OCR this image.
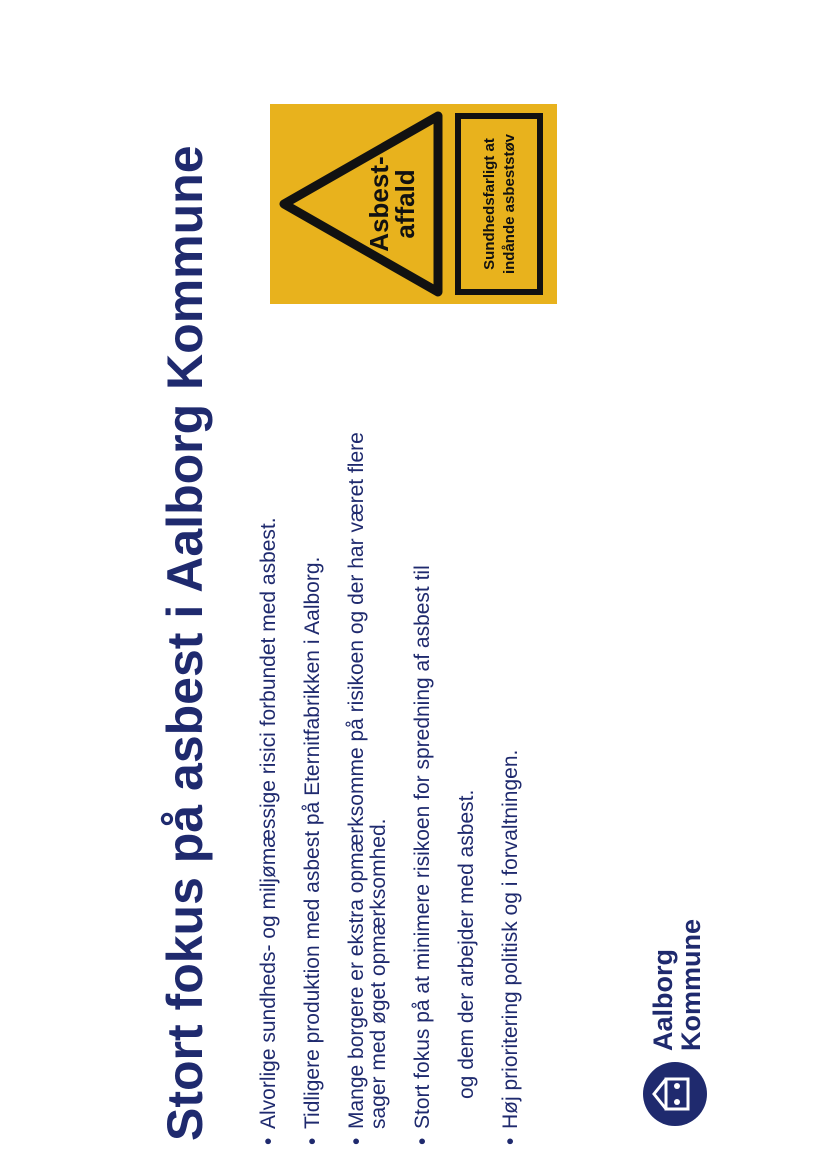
Stort fokus på asbest i Aalborg Kommune
•
Alvorlige sundheds- og miljømæssige risici forbundet med asbest.
•
Tidligere produktion med asbest på Eternitfabrikken i Aalborg.
•
Mange borgere er ekstra opmærksomme på risikoen og der har været flere sager med øget opmærksomhed.
•
Stort fokus på at minimere risikoen for spredning af asbest til og dem der arbejder med asbest.
•
Høj prioritering politisk og i forvaltningen.
Asbest-
affald	Sundhedsfarligt at indånde asbeststøv
Aalborg
Kommune
